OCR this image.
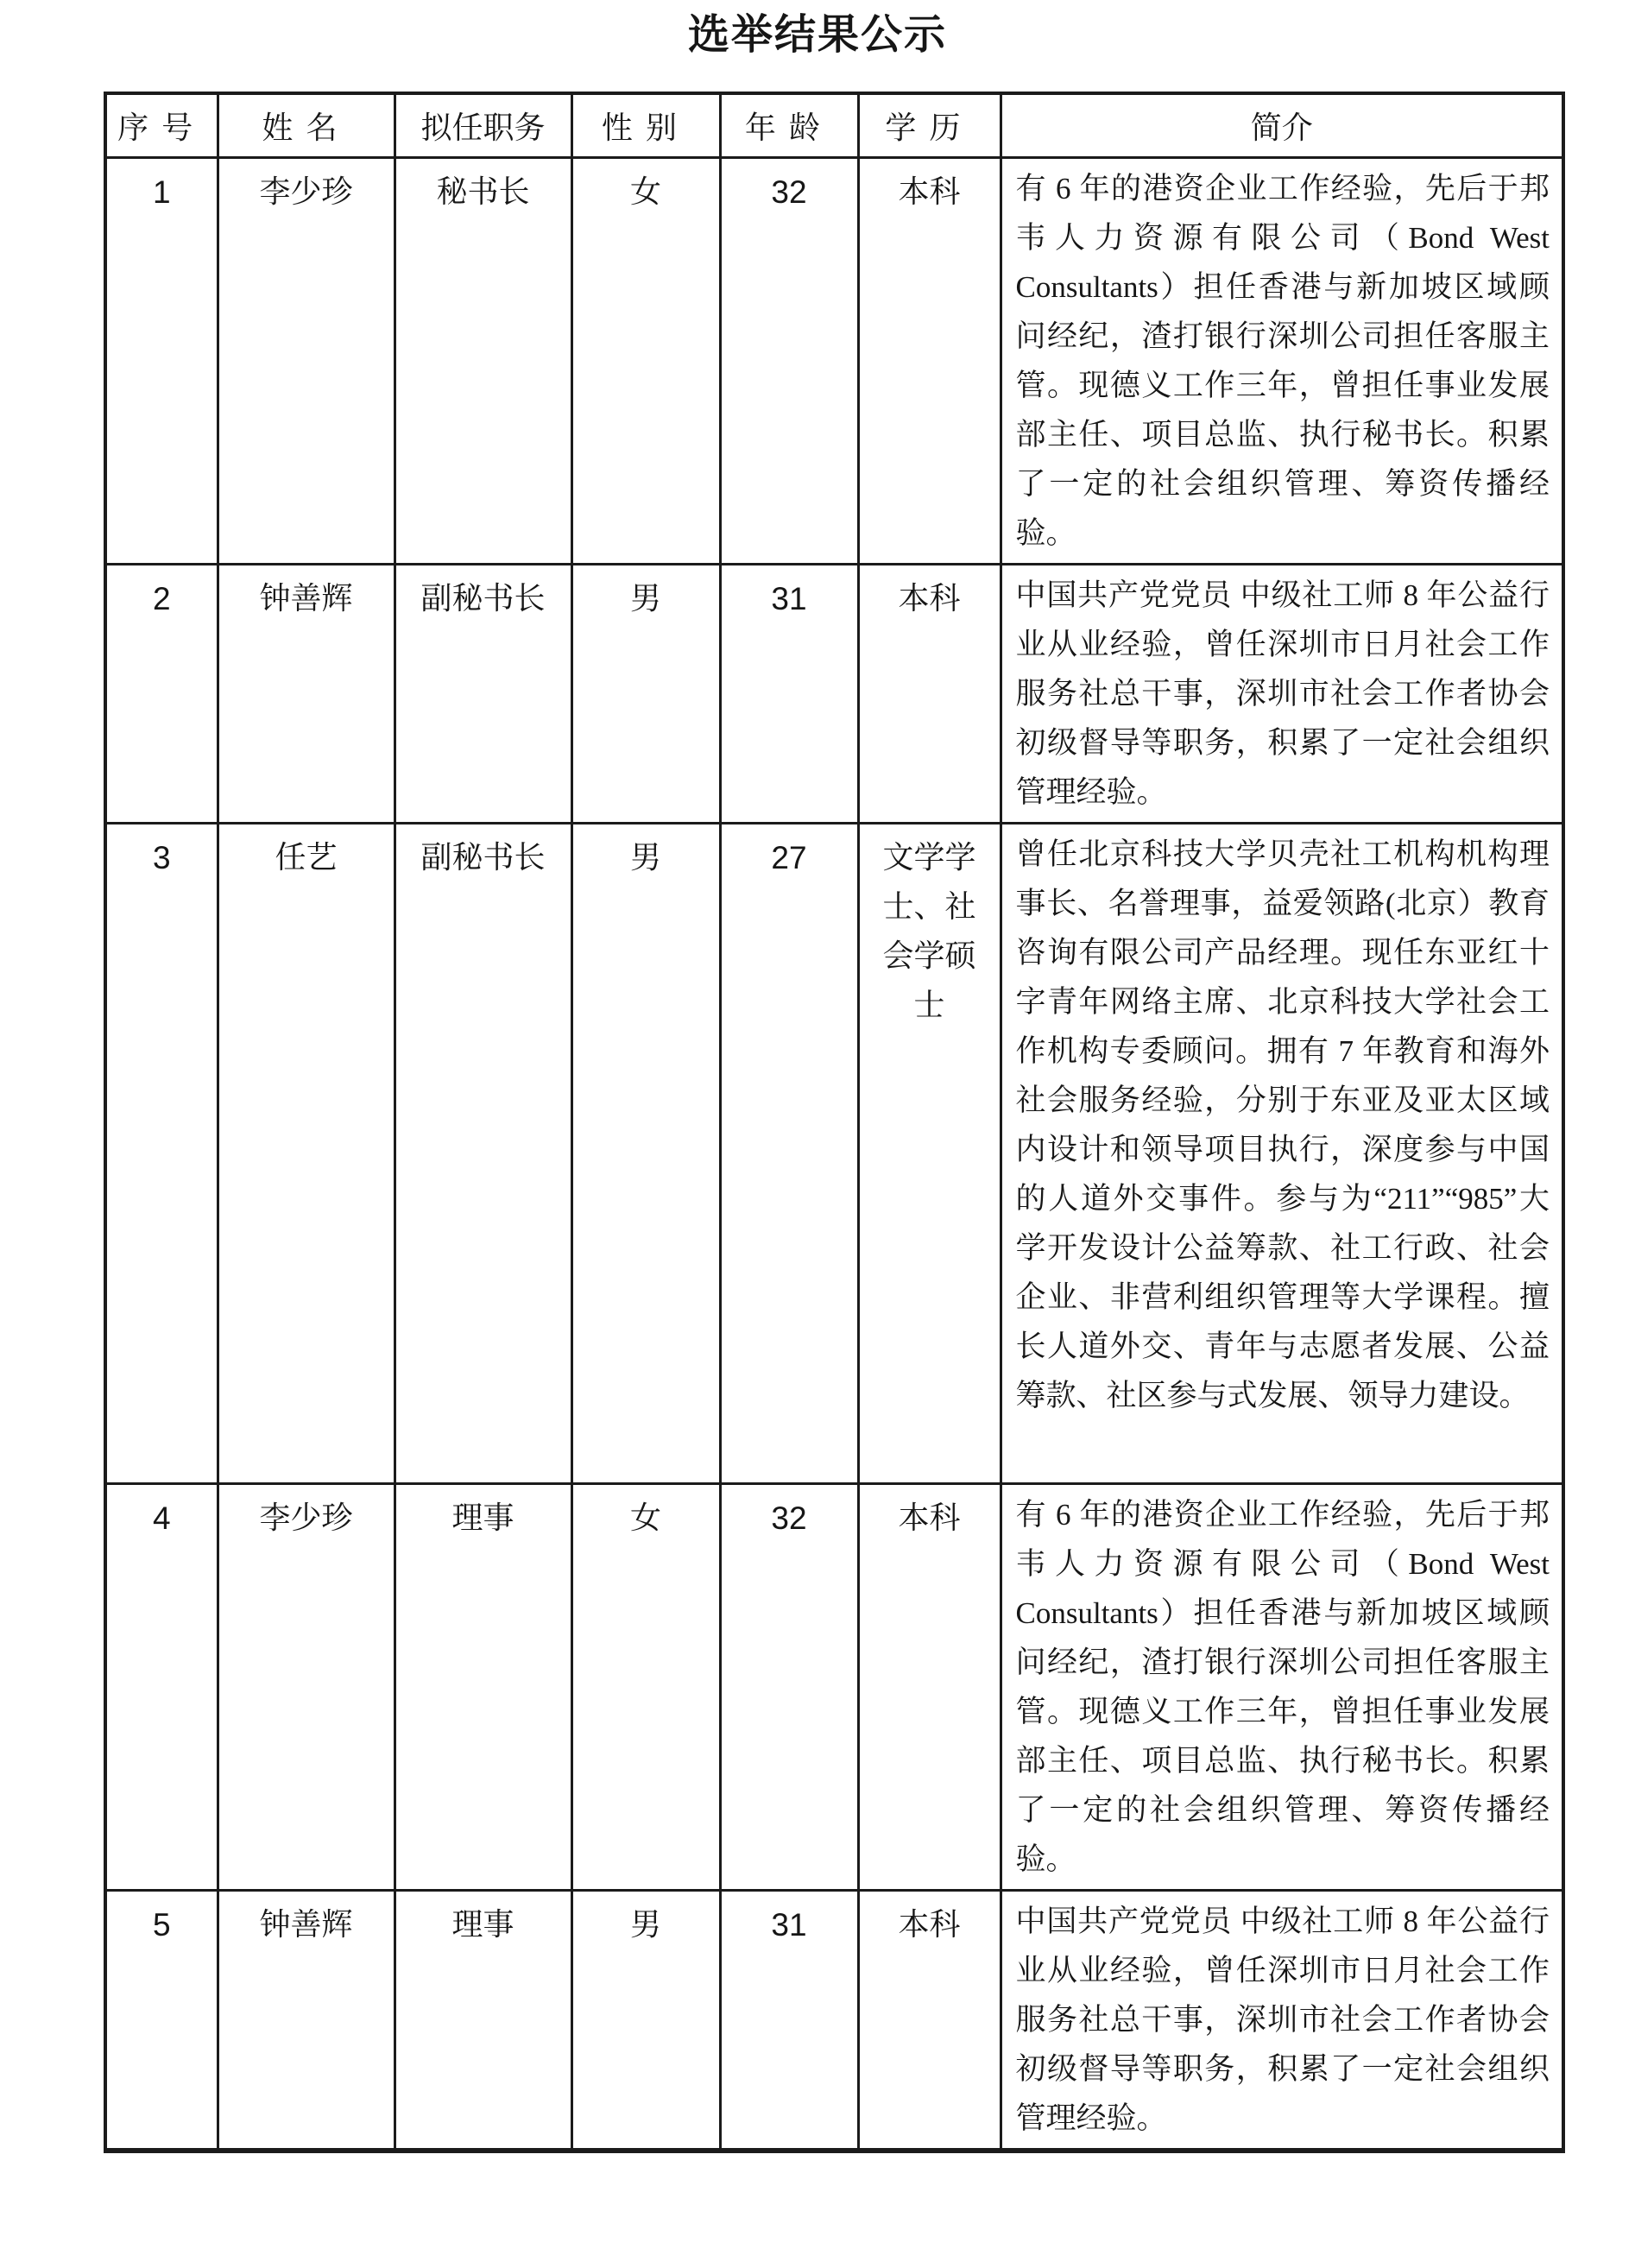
选举结果公示
序号	姓名	拟任职务	性别	年龄	学历	简介
1	李少珍	秘书长	女	32	本科	有 6 年的港资企业工作经验，先后于邦韦人力资源有限公司（Bond West Consultants）担任香港与新加坡区域顾问经纪，渣打银行深圳公司担任客服主管。现德义工作三年，曾担任事业发展部主任、项目总监、执行秘书长。积累了一定的社会组织管理、筹资传播经验。
2	钟善辉	副秘书长	男	31	本科	中国共产党党员 中级社工师 8 年公益行业从业经验，曾任深圳市日月社会工作服务社总干事，深圳市社会工作者协会初级督导等职务，积累了一定社会组织管理经验。
3	任艺	副秘书长	男	27	文学学士、社会学硕士	曾任北京科技大学贝壳社工机构机构理事长、名誉理事，益爱领路(北京）教育咨询有限公司产品经理。现任东亚红十字青年网络主席、北京科技大学社会工作机构专委顾问。拥有 7 年教育和海外社会服务经验，分别于东亚及亚太区域内设计和领导项目执行，深度参与中国的人道外交事件。参与为“211”“985”大学开发设计公益筹款、社工行政、社会企业、非营利组织管理等大学课程。擅长人道外交、青年与志愿者发展、公益筹款、社区参与式发展、领导力建设。
4	李少珍	理事	女	32	本科	有 6 年的港资企业工作经验，先后于邦韦人力资源有限公司（Bond West Consultants）担任香港与新加坡区域顾问经纪，渣打银行深圳公司担任客服主管。现德义工作三年，曾担任事业发展部主任、项目总监、执行秘书长。积累了一定的社会组织管理、筹资传播经验。
5	钟善辉	理事	男	31	本科	中国共产党党员 中级社工师 8 年公益行业从业经验，曾任深圳市日月社会工作服务社总干事，深圳市社会工作者协会初级督导等职务，积累了一定社会组织管理经验。
